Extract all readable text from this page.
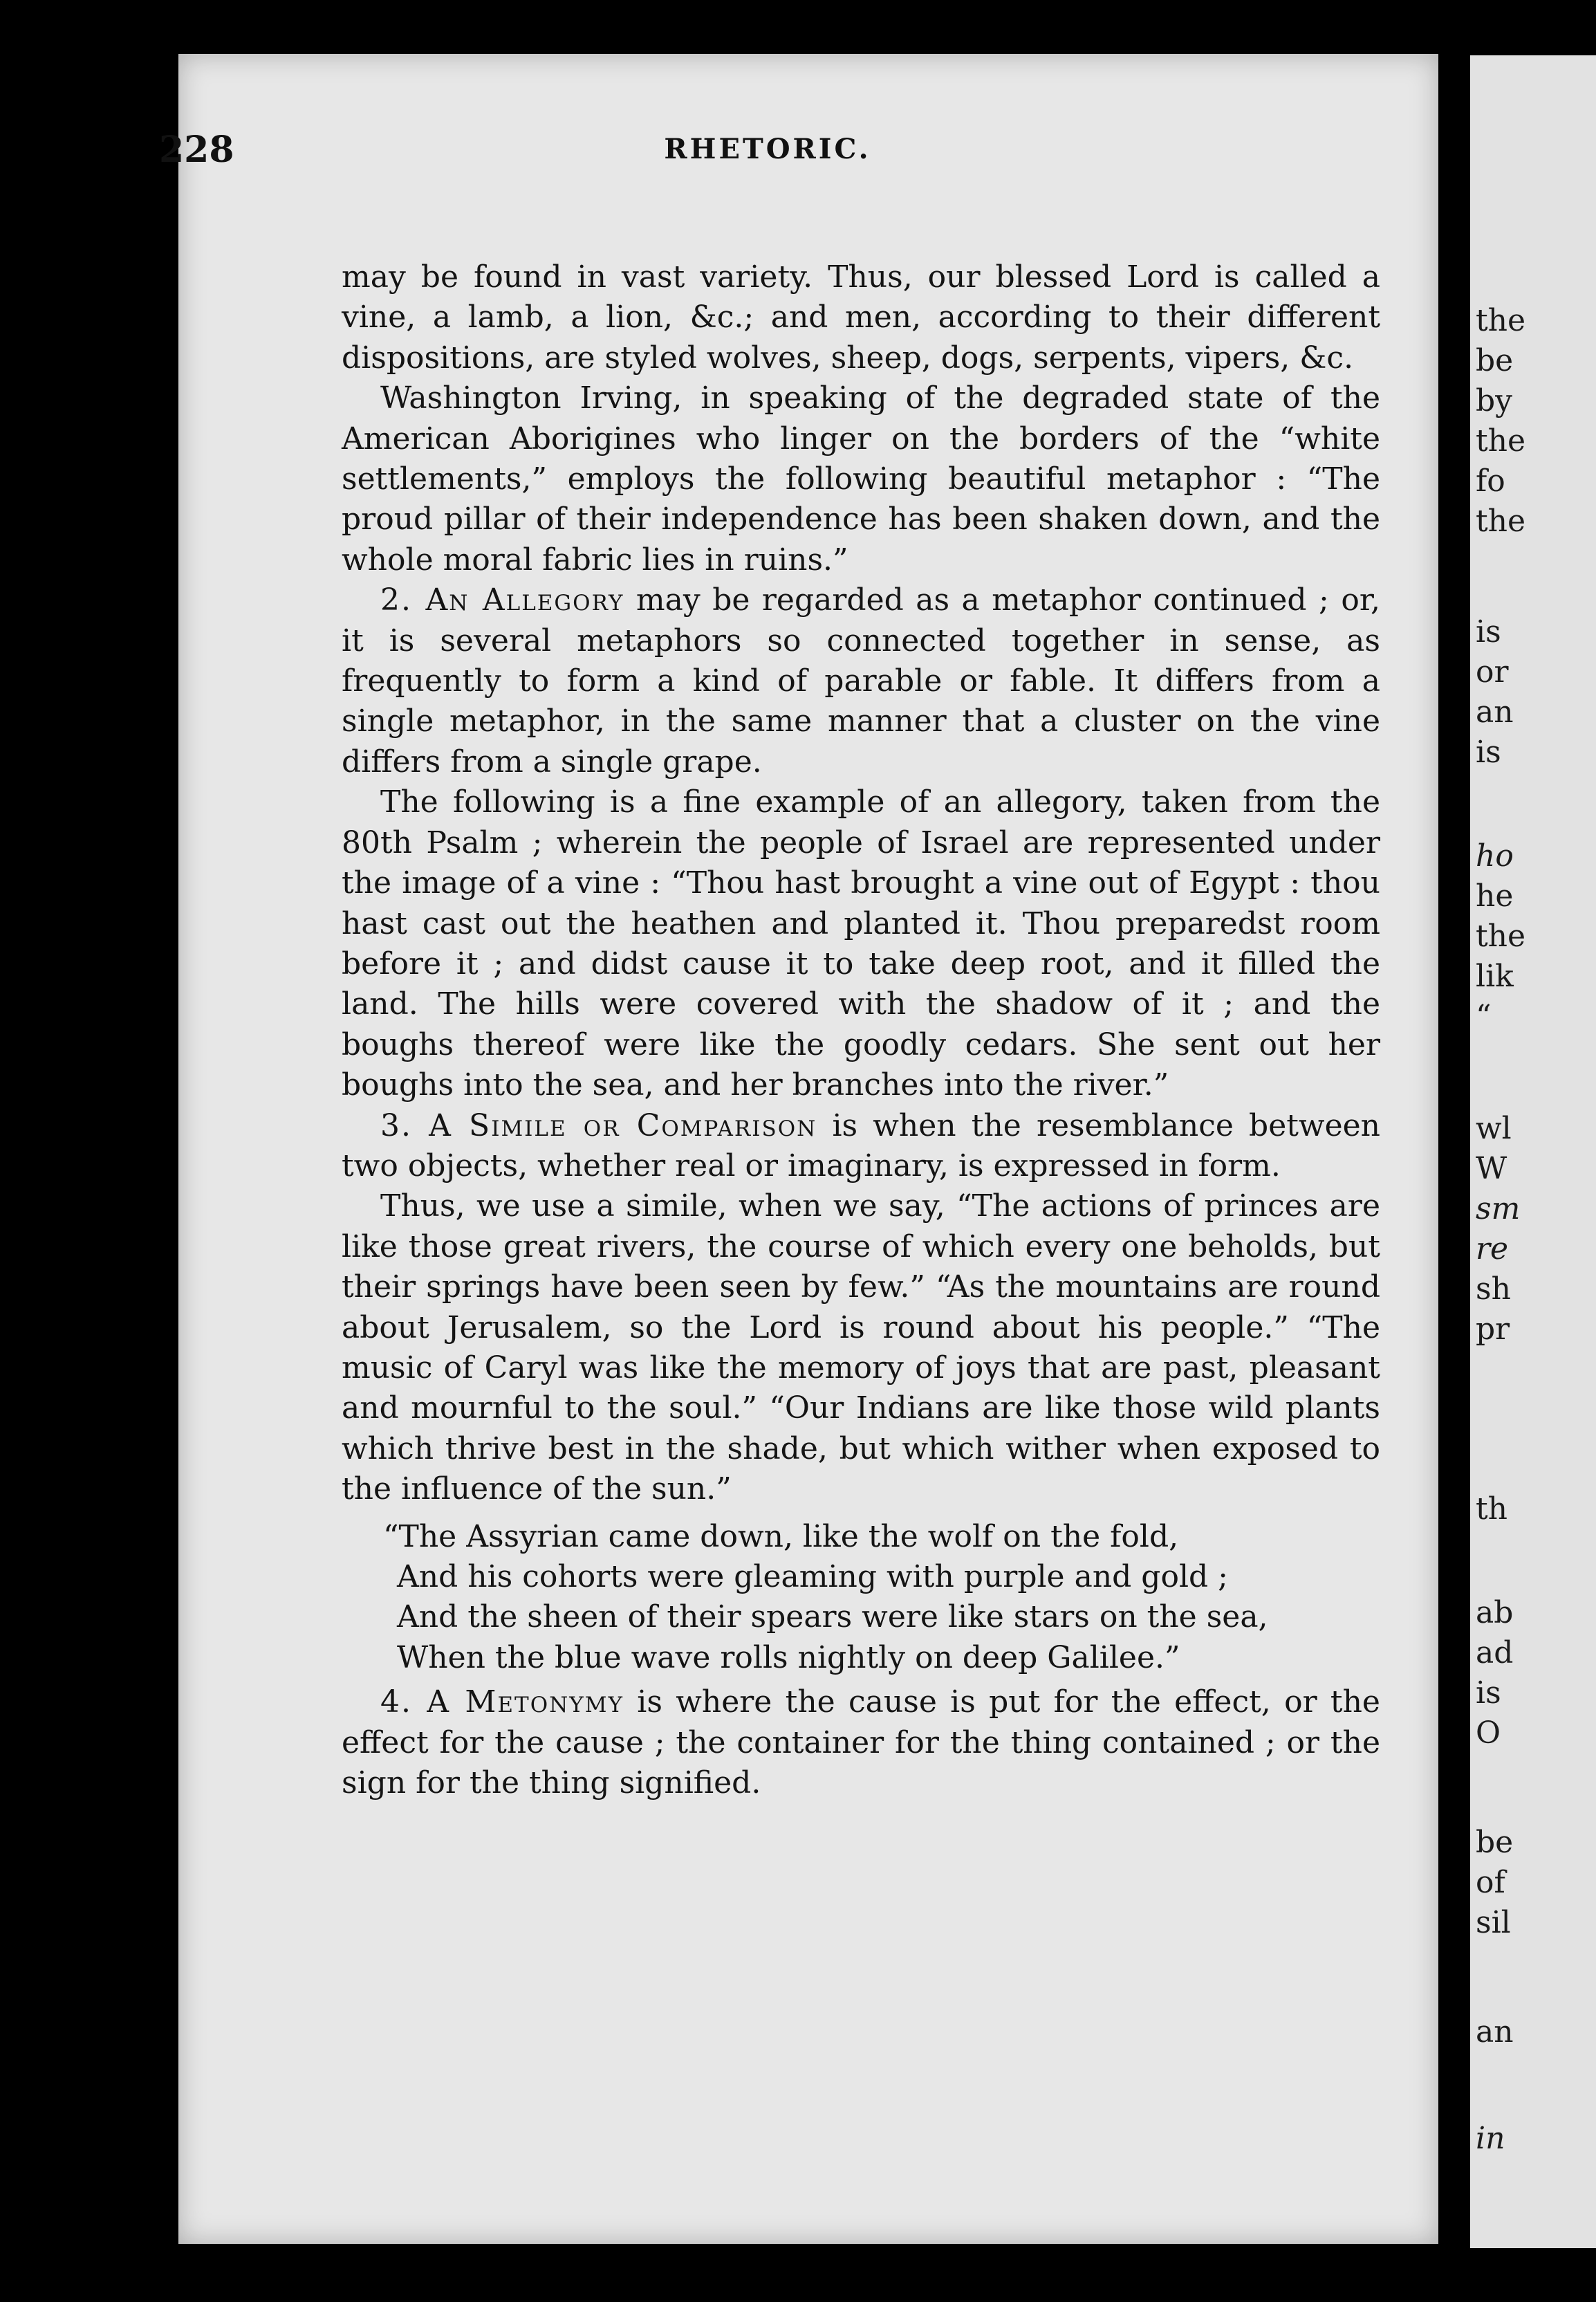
the
be
by
the
fo
the
is
or
an
is
ho
he
the
lik
“
wl
W
sm
re
sh
pr
th
ab
ad
is
O
be
of
sil
an
in
228	RHETORIC.

may be found in vast variety. Thus, our blessed Lord is called a vine, a lamb, a lion, &c.; and men, according to their different dispositions, are styled wolves, sheep, dogs, serpents, vipers, &c.

Washington Irving, in speaking of the degraded state of the American Aborigines who linger on the borders of the “white settlements,” employs the following beautiful metaphor : “The proud pillar of their independence has been shaken down, and the whole moral fabric lies in ruins.”

2. An Allegory may be regarded as a metaphor continued ; or, it is several metaphors so connected together in sense, as frequently to form a kind of parable or fable. It differs from a single metaphor, in the same manner that a cluster on the vine differs from a single grape.

The following is a fine example of an allegory, taken from the 80th Psalm ; wherein the people of Israel are represented under the image of a vine : “Thou hast brought a vine out of Egypt : thou hast cast out the heathen and planted it. Thou preparedst room before it ; and didst cause it to take deep root, and it filled the land. The hills were covered with the shadow of it ; and the boughs thereof were like the goodly cedars. She sent out her boughs into the sea, and her branches into the river.”

3. A Simile or Comparison is when the resemblance between two objects, whether real or imaginary, is expressed in form.

Thus, we use a simile, when we say, “The actions of princes are like those great rivers, the course of which every one beholds, but their springs have been seen by few.” “As the mountains are round about Jerusalem, so the Lord is round about his people.” “The music of Caryl was like the memory of joys that are past, pleasant and mournful to the soul.” “Our Indians are like those wild plants which thrive best in the shade, but which wither when exposed to the influence of the sun.”

“The Assyrian came down, like the wolf on the fold,
And his cohorts were gleaming with purple and gold ;
And the sheen of their spears were like stars on the sea,
When the blue wave rolls nightly on deep Galilee.”

4. A Metonymy is where the cause is put for the effect, or the effect for the cause ; the container for the thing contained ; or the sign for the thing signified.
